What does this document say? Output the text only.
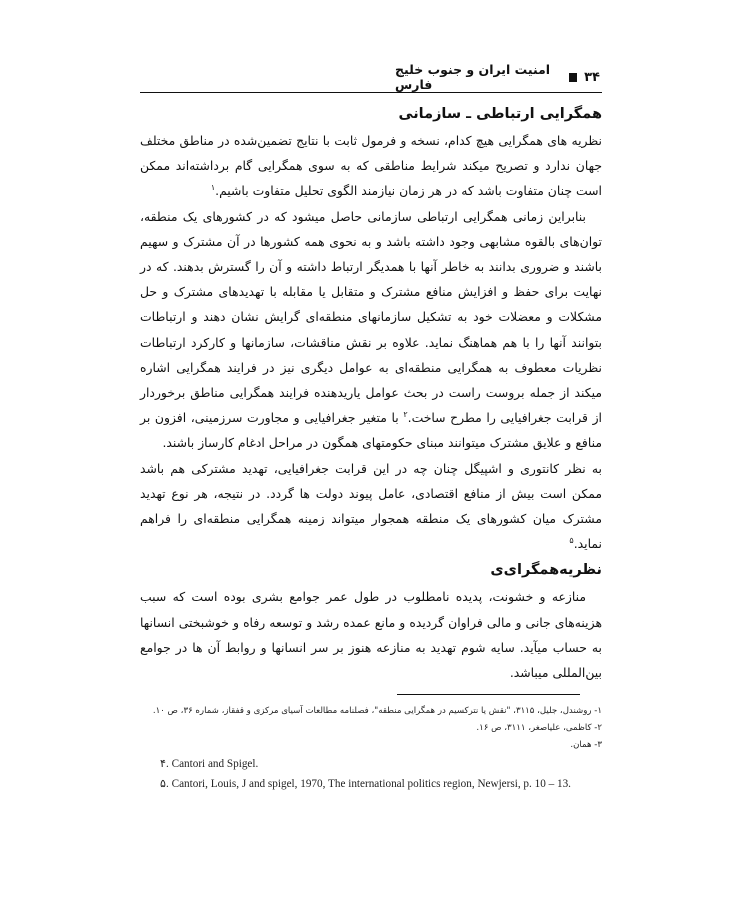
۳۴
امنیت ایران و جنوب خلیج فارس
همگرایی ارتباطی ـ سازمانی

نظریه های همگرایی هیچ کدام، نسخه و فرمول ثابت با نتایج تضمین‌شده در مناطق مختلف جهان ندارد و تصریح میکند شرایط مناطقی که به سوی همگرایی گام برداشته‌اند ممکن است چنان متفاوت باشد که در هر زمان نیازمند الگوی تحلیل متفاوت باشیم.$^۱$

بنابراین زمانی همگرایی ارتباطی سازمانی حاصل میشود که در کشورهای یک منطقه، توان‌های بالقوه مشابهی وجود داشته باشد و به نحوی همه کشورها در آن مشترک و سهیم باشند و ضروری بدانند به خاطر آنها با همدیگر ارتباط داشته و آن را گسترش بدهند. که در نهایت برای حفظ و افزایش منافع مشترک و متقابل یا مقابله با تهدیدهای مشترک و حل مشکلات و معضلات خود به تشکیل سازمانهای منطقه‌ای گرایش نشان دهند و ارتباطات بتوانند آنها را با هم هماهنگ نماید. علاوه بر نقش مناقشات، سازمانها و کارکرد ارتباطات نظریات معطوف به همگرایی منطقه‌ای به عوامل دیگری نیز در فرایند همگرایی اشاره میکند از جمله بروست راست در بحث عوامل یاریدهنده فرایند همگرایی مناطق برخوردار از قرابت جغرافیایی را مطرح ساخت.$^۲$ با متغیر جغرافیایی و مجاورت سرزمینی، افزون بر منافع و علایق مشترک میتوانند مبنای حکومتهای همگون در مراحل ادغام کارساز باشند.

به نظر کانتوری و اشپیگل چنان چه در این قرابت جغرافیایی، تهدید مشترکی هم باشد ممکن است بیش از منافع اقتصادی، عامل پیوند دولت ها گردد. در نتیجه، هر نوع تهدید مشترک میان کشورهای یک منطقه همجوار میتواند زمینه همگرایی منطقه‌ای را فراهم نماید.$^۵$

نظریه‌همگرای‌ی

منازعه و خشونت، پدیده نامطلوب در طول عمر جوامع بشری بوده است که سبب هزینه‌های جانی و مالی فراوان گردیده و مانع عمده رشد و توسعه رفاه و خوشبختی انسانها به حساب میآید. سایه شوم تهدید به منازعه هنوز بر سر انسانها و روابط آن ها در جوامع بین‌المللی میباشد.

۱- روشندل، جلیل، ۳۱۱۵، "نقش یا نترکسیم در همگرایی منطقه"، فصلنامه مطالعات آسیای مرکزی و قفقاز، شماره ۳۶، ص ۱۰.
۲- کاظمی، علیاصغر، ۳۱۱۱، ص ۱۶.
۳- همان.
۴. Cantori and Spigel.
۵. Cantori, Louis, J and spigel, 1970, The international politics region, Newjersi, p. 10 – 13.
